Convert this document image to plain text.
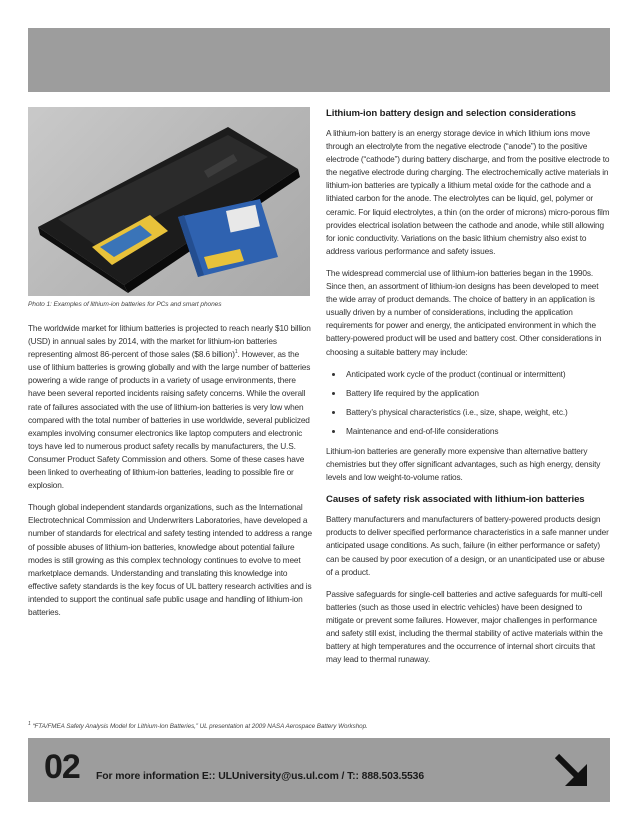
Photo 1: Examples of lithium-ion batteries for PCs and smart phones

The worldwide market for lithium batteries is projected to reach nearly $10 billion (USD) in annual sales by 2014, with the market for lithium-ion batteries representing almost 86-percent of those sales ($8.6 billion)$^1$. However, as the use of lithium batteries is growing globally and with the large number of batteries powering a wide range of products in a variety of usage environments, there have been several reported incidents raising safety concerns. While the overall rate of failures associated with the use of lithium-ion batteries is very low when compared with the total number of batteries in use worldwide, several publicized examples involving consumer electronics like laptop computers and electronic toys have led to numerous product safety recalls by manufacturers, the U.S. Consumer Product Safety Commission and others. Some of these cases have been linked to overheating of lithium-ion batteries, leading to possible fire or explosion.

Though global independent standards organizations, such as the International Electrotechnical Commission and Underwriters Laboratories, have developed a number of standards for electrical and safety testing intended to address a range of possible abuses of lithium-ion batteries, knowledge about potential failure modes is still growing as this complex technology continues to evolve to meet marketplace demands. Understanding and translating this knowledge into effective safety standards is the key focus of UL battery research activities and is intended to support the continual safe public usage and handling of lithium-ion batteries.

Lithium-ion battery design and selection considerations

A lithium-ion battery is an energy storage device in which lithium ions move through an electrolyte from the negative electrode (“anode”) to the positive electrode (“cathode”) during battery discharge, and from the positive electrode to the negative electrode during charging. The electrochemically active materials in lithium-ion batteries are typically a lithium metal oxide for the cathode and a lithiated carbon for the anode. The electrolytes can be liquid, gel, polymer or ceramic. For liquid electrolytes, a thin (on the order of microns) micro-porous film provides electrical isolation between the cathode and anode, while still allowing for ionic conductivity. Variations on the basic lithium chemistry also exist to address various performance and safety issues.

The widespread commercial use of lithium-ion batteries began in the 1990s. Since then, an assortment of lithium-ion designs has been developed to meet the wide array of product demands. The choice of battery in an application is usually driven by a number of considerations, including the application requirements for power and energy, the anticipated environment in which the battery-powered product will be used and battery cost. Other considerations in choosing a suitable battery may include:

• Anticipated work cycle of the product (continual or intermittent)
• Battery life required by the application
• Battery’s physical characteristics (i.e., size, shape, weight, etc.)
• Maintenance and end-of-life considerations

Lithium-ion batteries are generally more expensive than alternative battery chemistries but they offer significant advantages, such as high energy, density levels and low weight-to-volume ratios.

Causes of safety risk associated with lithium-ion batteries

Battery manufacturers and manufacturers of battery-powered products design products to deliver specified performance characteristics in a safe manner under anticipated usage conditions. As such, failure (in either performance or safety) can be caused by poor execution of a design, or an unanticipated use or abuse of a product.

Passive safeguards for single-cell batteries and active safeguards for multi-cell batteries (such as those used in electric vehicles) have been designed to mitigate or prevent some failures. However, major challenges in performance and safety still exist, including the thermal stability of active materials within the battery at high temperatures and the occurrence of internal short circuits that may lead to thermal runaway.

$^1$ “FTA/FMEA Safety Analysis Model for Lithium-Ion Batteries,” UL presentation at 2009 NASA Aerospace Battery Workshop.
02 For more information E:: ULUniversity@us.ul.com / T:: 888.503.5536
